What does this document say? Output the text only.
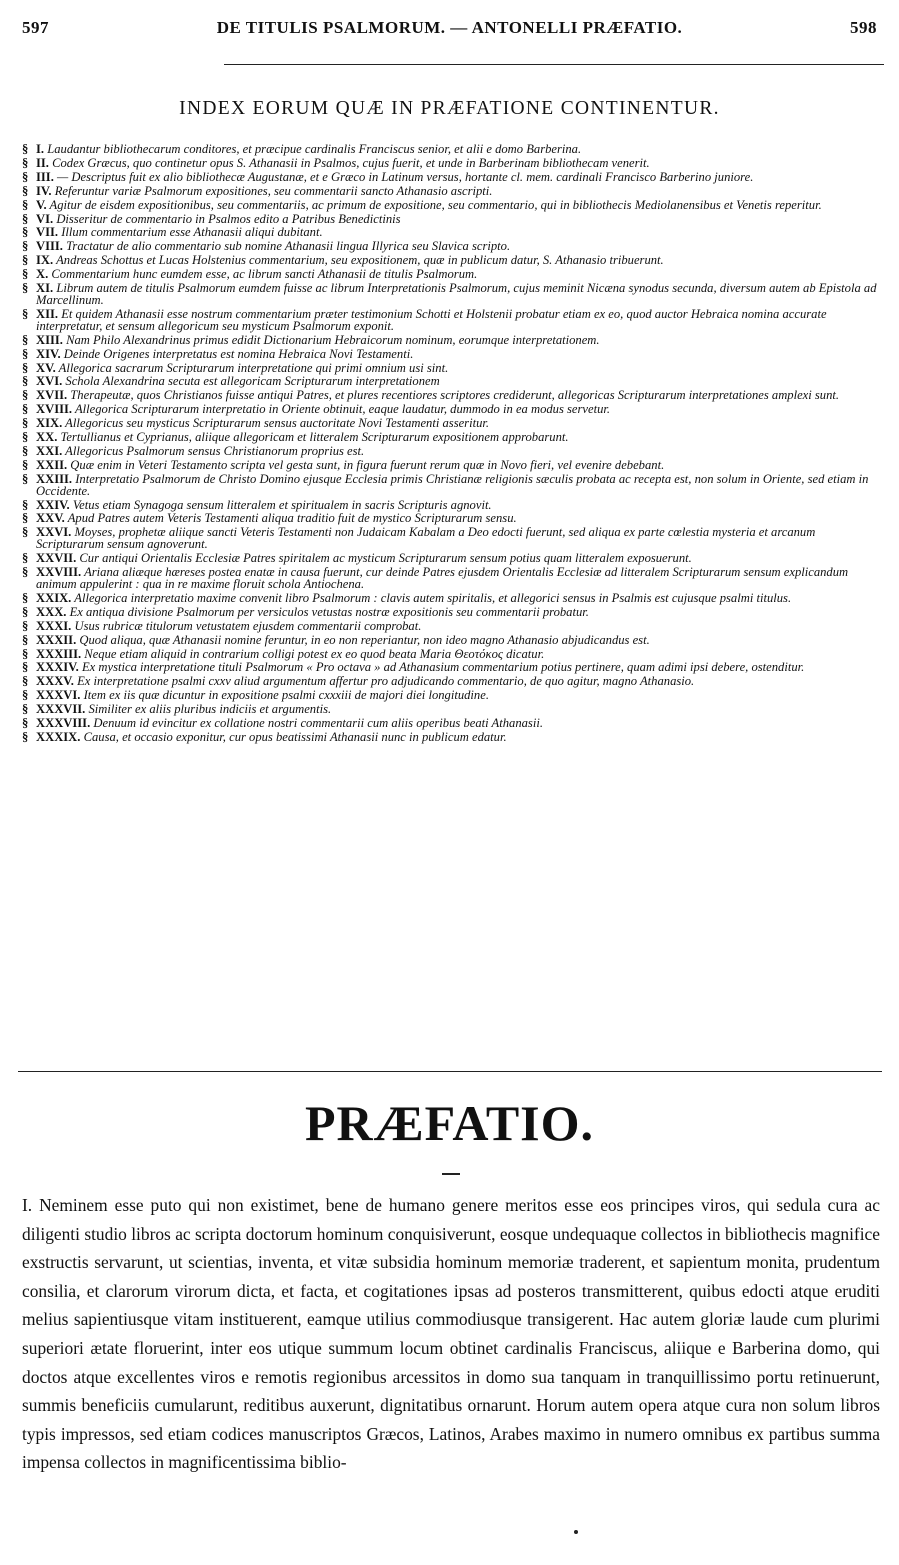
597	DE TITULIS PSALMORUM. — ANTONELLI PRÆFATIO.	598
INDEX EORUM QUÆ IN PRÆFATIONE CONTINENTUR.
§ I. Laudantur bibliothecarum conditores, et præcipue cardinalis Franciscus senior, et alii e domo Barberina.
§ II. Codex Græcus, quo continetur opus S. Athanasii in Psalmos, cujus fuerit, et unde in Barberinam bibliothecam venerit.
§ III. — Descriptus fuit ex alio bibliothecæ Augustanæ, et e Græco in Latinum versus, hortante cl. mem. cardinali Francisco Barberino juniore.
§ IV. Referuntur variæ Psalmorum expositiones, seu commentarii sancto Athanasio ascripti.
§ V. Agitur de eisdem expositionibus, seu commentariis, ac primum de expositione, seu commentario, qui in bibliothecis Mediolanensibus et Venetis reperitur.
§ VI. Disseritur de commentario in Psalmos edito a Patribus Benedictinis
§ VII. Illum commentarium esse Athanasii aliqui dubitant.
§ VIII. Tractatur de alio commentario sub nomine Athanasii lingua Illyrica seu Slavica scripto.
§ IX. Andreas Schottus et Lucas Holstenius commentarium, seu expositionem, quæ in publicum datur, S. Athanasio tribuerunt.
§ X. Commentarium hunc eumdem esse, ac librum sancti Athanasii de titulis Psalmorum.
§ XI. Librum autem de titulis Psalmorum eumdem fuisse ac librum Interpretationis Psalmorum, cujus meminit Nicæna synodus secunda, diversum autem ab Epistola ad Marcellinum.
§ XII. Et quidem Athanasii esse nostrum commentarium præter testimonium Schotti et Holstenii probatur etiam ex eo, quod auctor Hebraica nomina accurate interpretatur, et sensum allegoricum seu mysticum Psalmorum exponit.
§ XIII. Nam Philo Alexandrinus primus edidit Dictionarium Hebraicorum nominum, eorumque interpretationem.
§ XIV. Deinde Origenes interpretatus est nomina Hebraica Novi Testamenti.
§ XV. Allegorica sacrarum Scripturarum interpretatione qui primi omnium usi sint.
§ XVI. Schola Alexandrina secuta est allegoricam Scripturarum interpretationem
§ XVII. Therapeutæ, quos Christianos fuisse antiqui Patres, et plures recentiores scriptores crediderunt, allegoricas Scripturarum interpretationes amplexi sunt.
§ XVIII. Allegorica Scripturarum interpretatio in Oriente obtinuit, eaque laudatur, dummodo in ea modus servetur.
§ XIX. Allegoricus seu mysticus Scripturarum sensus auctoritate Novi Testamenti asseritur.
§ XX. Tertullianus et Cyprianus, aliique allegoricam et litteralem Scripturarum expositionem approbarunt.
§ XXI. Allegoricus Psalmorum sensus Christianorum proprius est.
§ XXII. Quæ enim in Veteri Testamento scripta vel gesta sunt, in figura fuerunt rerum quæ in Novo fieri, vel evenire debebant.
§ XXIII. Interpretatio Psalmorum de Christo Domino ejusque Ecclesia primis Christianæ religionis sæculis probata ac recepta est, non solum in Oriente, sed etiam in Occidente.
§ XXIV. Vetus etiam Synagoga sensum litteralem et spiritualem in sacris Scripturis agnovit.
§ XXV. Apud Patres autem Veteris Testamenti aliqua traditio fuit de mystico Scripturarum sensu.
§ XXVI. Moyses, prophetæ aliique sancti Veteris Testamenti non Judaicam Kabalam a Deo edocti fuerunt, sed aliqua ex parte cœlestia mysteria et arcanum Scripturarum sensum agnoverunt.
§ XXVII. Cur antiqui Orientalis Ecclesiæ Patres spiritalem ac mysticum Scripturarum sensum potius quam litteralem exposuerunt.
§ XXVIII. Ariana aliæque hæreses postea enatæ in causa fuerunt, cur deinde Patres ejusdem Orientalis Ecclesiæ ad litteralem Scripturarum sensum explicandum animum appulerint : qua in re maxime floruit schola Antiochena.
§ XXIX. Allegorica interpretatio maxime convenit libro Psalmorum : clavis autem spiritalis, et allegorici sensus in Psalmis est cujusque psalmi titulus.
§ XXX. Ex antiqua divisione Psalmorum per versiculos vetustas nostræ expositionis seu commentarii probatur.
§ XXXI. Usus rubricæ titulorum vetustatem ejusdem commentarii comprobat.
§ XXXII. Quod aliqua, quæ Athanasii nomine feruntur, in eo non reperiantur, non ideo magno Athanasio abjudicandus est.
§ XXXIII. Neque etiam aliquid in contrarium colligi potest ex eo quod beata Maria Θεοτόκος dicatur.
§ XXXIV. Ex mystica interpretatione tituli Psalmorum « Pro octava » ad Athanasium commentarium potius pertinere, quam adimi ipsi debere, ostenditur.
§ XXXV. Ex interpretatione psalmi cxxv aliud argumentum affertur pro adjudicando commentario, de quo agitur, magno Athanasio.
§ XXXVI. Item ex iis quæ dicuntur in expositione psalmi cxxxiii de majori diei longitudine.
§ XXXVII. Similiter ex aliis pluribus indiciis et argumentis.
§ XXXVIII. Denuum id evincitur ex collatione nostri commentarii cum aliis operibus beati Athanasii.
§ XXXIX. Causa, et occasio exponitur, cur opus beatissimi Athanasii nunc in publicum edatur.
PRÆFATIO.
I. Neminem esse puto qui non existimet, bene de humano genere meritos esse eos principes viros, qui sedula cura ac diligenti studio libros ac scripta doctorum hominum conquisiverunt, eosque undequaque collectos in bibliothecis magnifice exstructis servarunt, ut scientias, inventa, et vitæ subsidia hominum memoriæ traderent, et sapientum monita, prudentum consilia, et clarorum virorum dicta, et facta, et cogitationes ipsas ad posteros transmitterent, quibus edocti atque eruditi melius sapientiusque vitam instituerent, eamque utilius commodiusque transigerent. Hac autem gloriæ laude cum plurimi superiori ætate floruerint, inter eos utique summum locum obtinet cardinalis Franciscus, aliique e Barberina domo, qui doctos atque excellentes viros e remotis regionibus arcessitos in domo sua tanquam in tranquillissimo portu retinuerunt, summis beneficiis cumularunt, reditibus auxerunt, dignitatibus ornarunt. Horum autem opera atque cura non solum libros typis impressos, sed etiam codices manuscriptos Græcos, Latinos, Arabes maximo in numero omnibus ex partibus summa impensa collectos in magnificentissima biblio-
